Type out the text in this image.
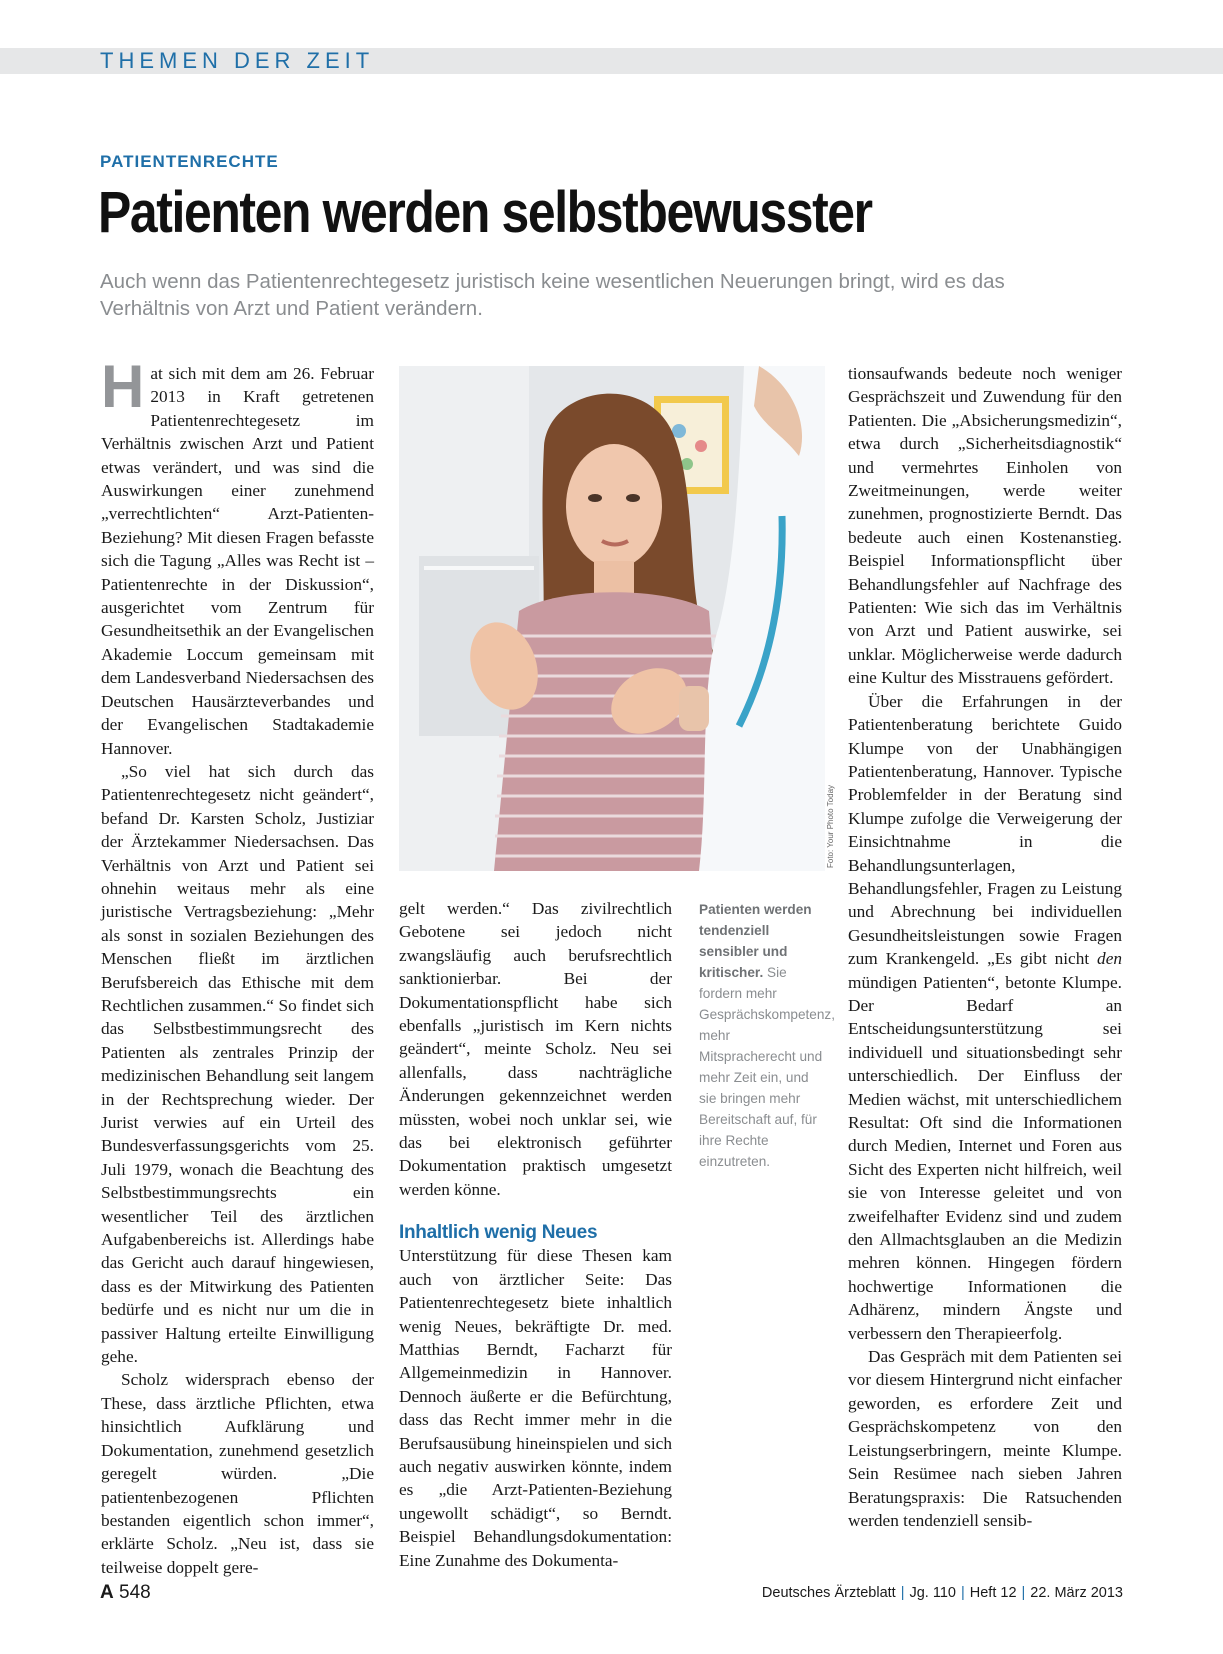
THEMEN DER ZEIT
PATIENTENRECHTE
Patienten werden selbstbewusster

Auch wenn das Patientenrechtegesetz juristisch keine wesentlichen Neuerungen bringt, wird es das Verhältnis von Arzt und Patient verändern.

Hat sich mit dem am 26. Februar 2013 in Kraft getretenen Patientenrechtegesetz im Verhältnis zwischen Arzt und Patient etwas verändert, und was sind die Auswirkungen einer zunehmend „verrechtlichten“ Arzt-Patienten-Beziehung? Mit diesen Fragen befasste sich die Tagung „Alles was Recht ist – Patientenrechte in der Diskussion“, ausgerichtet vom Zentrum für Gesundheitsethik an der Evangelischen Akademie Loccum gemeinsam mit dem Landesverband Niedersachsen des Deutschen Hausärzteverbandes und der Evangelischen Stadtakademie Hannover.

„So viel hat sich durch das Patientenrechtegesetz nicht geändert“, befand Dr. Karsten Scholz, Justiziar der Ärztekammer Niedersachsen. Das Verhältnis von Arzt und Patient sei ohnehin weitaus mehr als eine juristische Vertragsbeziehung: „Mehr als sonst in sozialen Beziehungen des Menschen fließt im ärztlichen Berufsbereich das Ethische mit dem Rechtlichen zusammen.“ So findet sich das Selbstbestimmungsrecht des Patienten als zentrales Prinzip der medizinischen Behandlung seit langem in der Rechtsprechung wieder. Der Jurist verwies auf ein Urteil des Bundesverfassungsgerichts vom 25. Juli 1979, wonach die Beachtung des Selbstbestimmungsrechts ein wesentlicher Teil des ärztlichen Aufgabenbereichs ist. Allerdings habe das Gericht auch darauf hingewiesen, dass es der Mitwirkung des Patienten bedürfe und es nicht nur um die in passiver Haltung erteilte Einwilligung gehe.

Scholz widersprach ebenso der These, dass ärztliche Pflichten, etwa hinsichtlich Aufklärung und Dokumentation, zunehmend gesetzlich geregelt würden. „Die patientenbezogenen Pflichten bestanden eigentlich schon immer“, erklärte Scholz. „Neu ist, dass sie teilweise doppelt gere-

Foto: Your Photo Today
Patienten werden tendenziell sensibler und kritischer. Sie fordern mehr Gesprächskompetenz, mehr Mitspracherecht und mehr Zeit ein, und sie bringen mehr Bereitschaft auf, für ihre Rechte einzutreten.

gelt werden.“ Das zivilrechtlich Gebotene sei jedoch nicht zwangsläufig auch berufsrechtlich sanktionierbar. Bei der Dokumentationspflicht habe sich ebenfalls „juristisch im Kern nichts geändert“, meinte Scholz. Neu sei allenfalls, dass nachträgliche Änderungen gekennzeichnet werden müssten, wobei noch unklar sei, wie das bei elektronisch geführter Dokumentation praktisch umgesetzt werden könne.

Inhaltlich wenig Neues

Unterstützung für diese Thesen kam auch von ärztlicher Seite: Das Patientenrechtegesetz biete inhaltlich wenig Neues, bekräftigte Dr. med. Matthias Berndt, Facharzt für Allgemeinmedizin in Hannover. Dennoch äußerte er die Befürchtung, dass das Recht immer mehr in die Berufsausübung hineinspielen und sich auch negativ auswirken könnte, indem es „die Arzt-Patienten-Beziehung ungewollt schädigt“, so Berndt. Beispiel Behandlungsdokumentation: Eine Zunahme des Dokumenta-

tionsaufwands bedeute noch weniger Gesprächszeit und Zuwendung für den Patienten. Die „Absicherungsmedizin“, etwa durch „Sicherheitsdiagnostik“ und vermehrtes Einholen von Zweitmeinungen, werde weiter zunehmen, prognostizierte Berndt. Das bedeute auch einen Kostenanstieg. Beispiel Informationspflicht über Behandlungsfehler auf Nachfrage des Patienten: Wie sich das im Verhältnis von Arzt und Patient auswirke, sei unklar. Möglicherweise werde dadurch eine Kultur des Misstrauens gefördert.

Über die Erfahrungen in der Patientenberatung berichtete Guido Klumpe von der Unabhängigen Patientenberatung, Hannover. Typische Problemfelder in der Beratung sind Klumpe zufolge die Verweigerung der Einsichtnahme in die Behandlungsunterlagen, Behandlungsfehler, Fragen zu Leistung und Abrechnung bei individuellen Gesundheitsleistungen sowie Fragen zum Krankengeld. „Es gibt nicht den mündigen Patienten“, betonte Klumpe. Der Bedarf an Entscheidungsunterstützung sei individuell und situationsbedingt sehr unterschiedlich. Der Einfluss der Medien wächst, mit unterschiedlichem Resultat: Oft sind die Informationen durch Medien, Internet und Foren aus Sicht des Experten nicht hilfreich, weil sie von Interesse geleitet und von zweifelhafter Evidenz sind und zudem den Allmachtsglauben an die Medizin mehren können. Hingegen fördern hochwertige Informationen die Adhärenz, mindern Ängste und verbessern den Therapieerfolg.

Das Gespräch mit dem Patienten sei vor diesem Hintergrund nicht einfacher geworden, es erfordere Zeit und Gesprächskompetenz von den Leistungserbringern, meinte Klumpe. Sein Resümee nach sieben Jahren Beratungspraxis: Die Ratsuchenden werden tendenziell sensib-

A 548	Deutsches Ärzteblatt | Jg. 110 | Heft 12 | 22. März 2013
